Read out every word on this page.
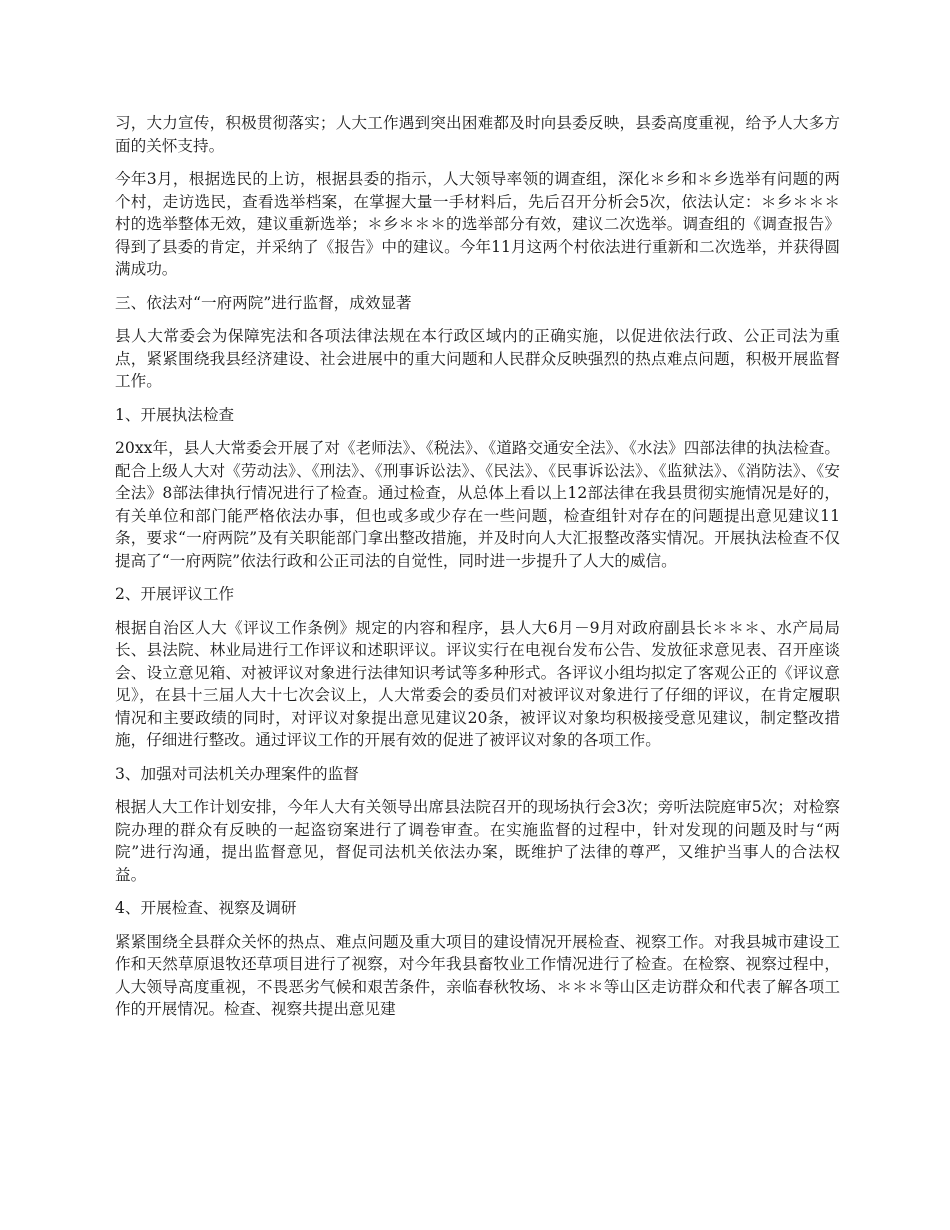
习，大力宣传，积极贯彻落实；人大工作遇到突出困难都及时向县委反映，县委高度重视，给予人大多方面的关怀支持。

今年3月，根据选民的上访，根据县委的指示，人大领导率领的调查组，深化＊乡和＊乡选举有问题的两个村，走访选民，查看选举档案，在掌握大量一手材料后，先后召开分析会5次，依法认定：＊乡＊＊＊村的选举整体无效，建议重新选举；＊乡＊＊＊的选举部分有效，建议二次选举。调查组的《调查报告》得到了县委的肯定，并采纳了《报告》中的建议。今年11月这两个村依法进行重新和二次选举，并获得圆满成功。

三、依法对“一府两院”进行监督，成效显著

县人大常委会为保障宪法和各项法律法规在本行政区域内的正确实施，以促进依法行政、公正司法为重点，紧紧围绕我县经济建设、社会进展中的重大问题和人民群众反映强烈的热点难点问题，积极开展监督工作。

1、开展执法检查

20xx年，县人大常委会开展了对《老师法》、《税法》、《道路交通安全法》、《水法》四部法律的执法检查。配合上级人大对《劳动法》、《刑法》、《刑事诉讼法》、《民法》、《民事诉讼法》、《监狱法》、《消防法》、《安全法》8部法律执行情况进行了检查。通过检查，从总体上看以上12部法律在我县贯彻实施情况是好的，有关单位和部门能严格依法办事，但也或多或少存在一些问题，检查组针对存在的问题提出意见建议11条，要求“一府两院”及有关职能部门拿出整改措施，并及时向人大汇报整改落实情况。开展执法检查不仅提高了“一府两院”依法行政和公正司法的自觉性，同时进一步提升了人大的威信。

2、开展评议工作

根据自治区人大《评议工作条例》规定的内容和程序，县人大6月－9月对政府副县长＊＊＊、水产局局长、县法院、林业局进行工作评议和述职评议。评议实行在电视台发布公告、发放征求意见表、召开座谈会、设立意见箱、对被评议对象进行法律知识考试等多种形式。各评议小组均拟定了客观公正的《评议意见》，在县十三届人大十七次会议上，人大常委会的委员们对被评议对象进行了仔细的评议，在肯定履职情况和主要政绩的同时，对评议对象提出意见建议20条，被评议对象均积极接受意见建议，制定整改措施，仔细进行整改。通过评议工作的开展有效的促进了被评议对象的各项工作。

3、加强对司法机关办理案件的监督

根据人大工作计划安排，今年人大有关领导出席县法院召开的现场执行会3次；旁听法院庭审5次；对检察院办理的群众有反映的一起盗窃案进行了调卷审查。在实施监督的过程中，针对发现的问题及时与“两院”进行沟通，提出监督意见，督促司法机关依法办案，既维护了法律的尊严，又维护当事人的合法权益。

4、开展检查、视察及调研

紧紧围绕全县群众关怀的热点、难点问题及重大项目的建设情况开展检查、视察工作。对我县城市建设工作和天然草原退牧还草项目进行了视察，对今年我县畜牧业工作情况进行了检查。在检察、视察过程中，人大领导高度重视，不畏恶劣气候和艰苦条件，亲临春秋牧场、＊＊＊等山区走访群众和代表了解各项工作的开展情况。检查、视察共提出意见建
